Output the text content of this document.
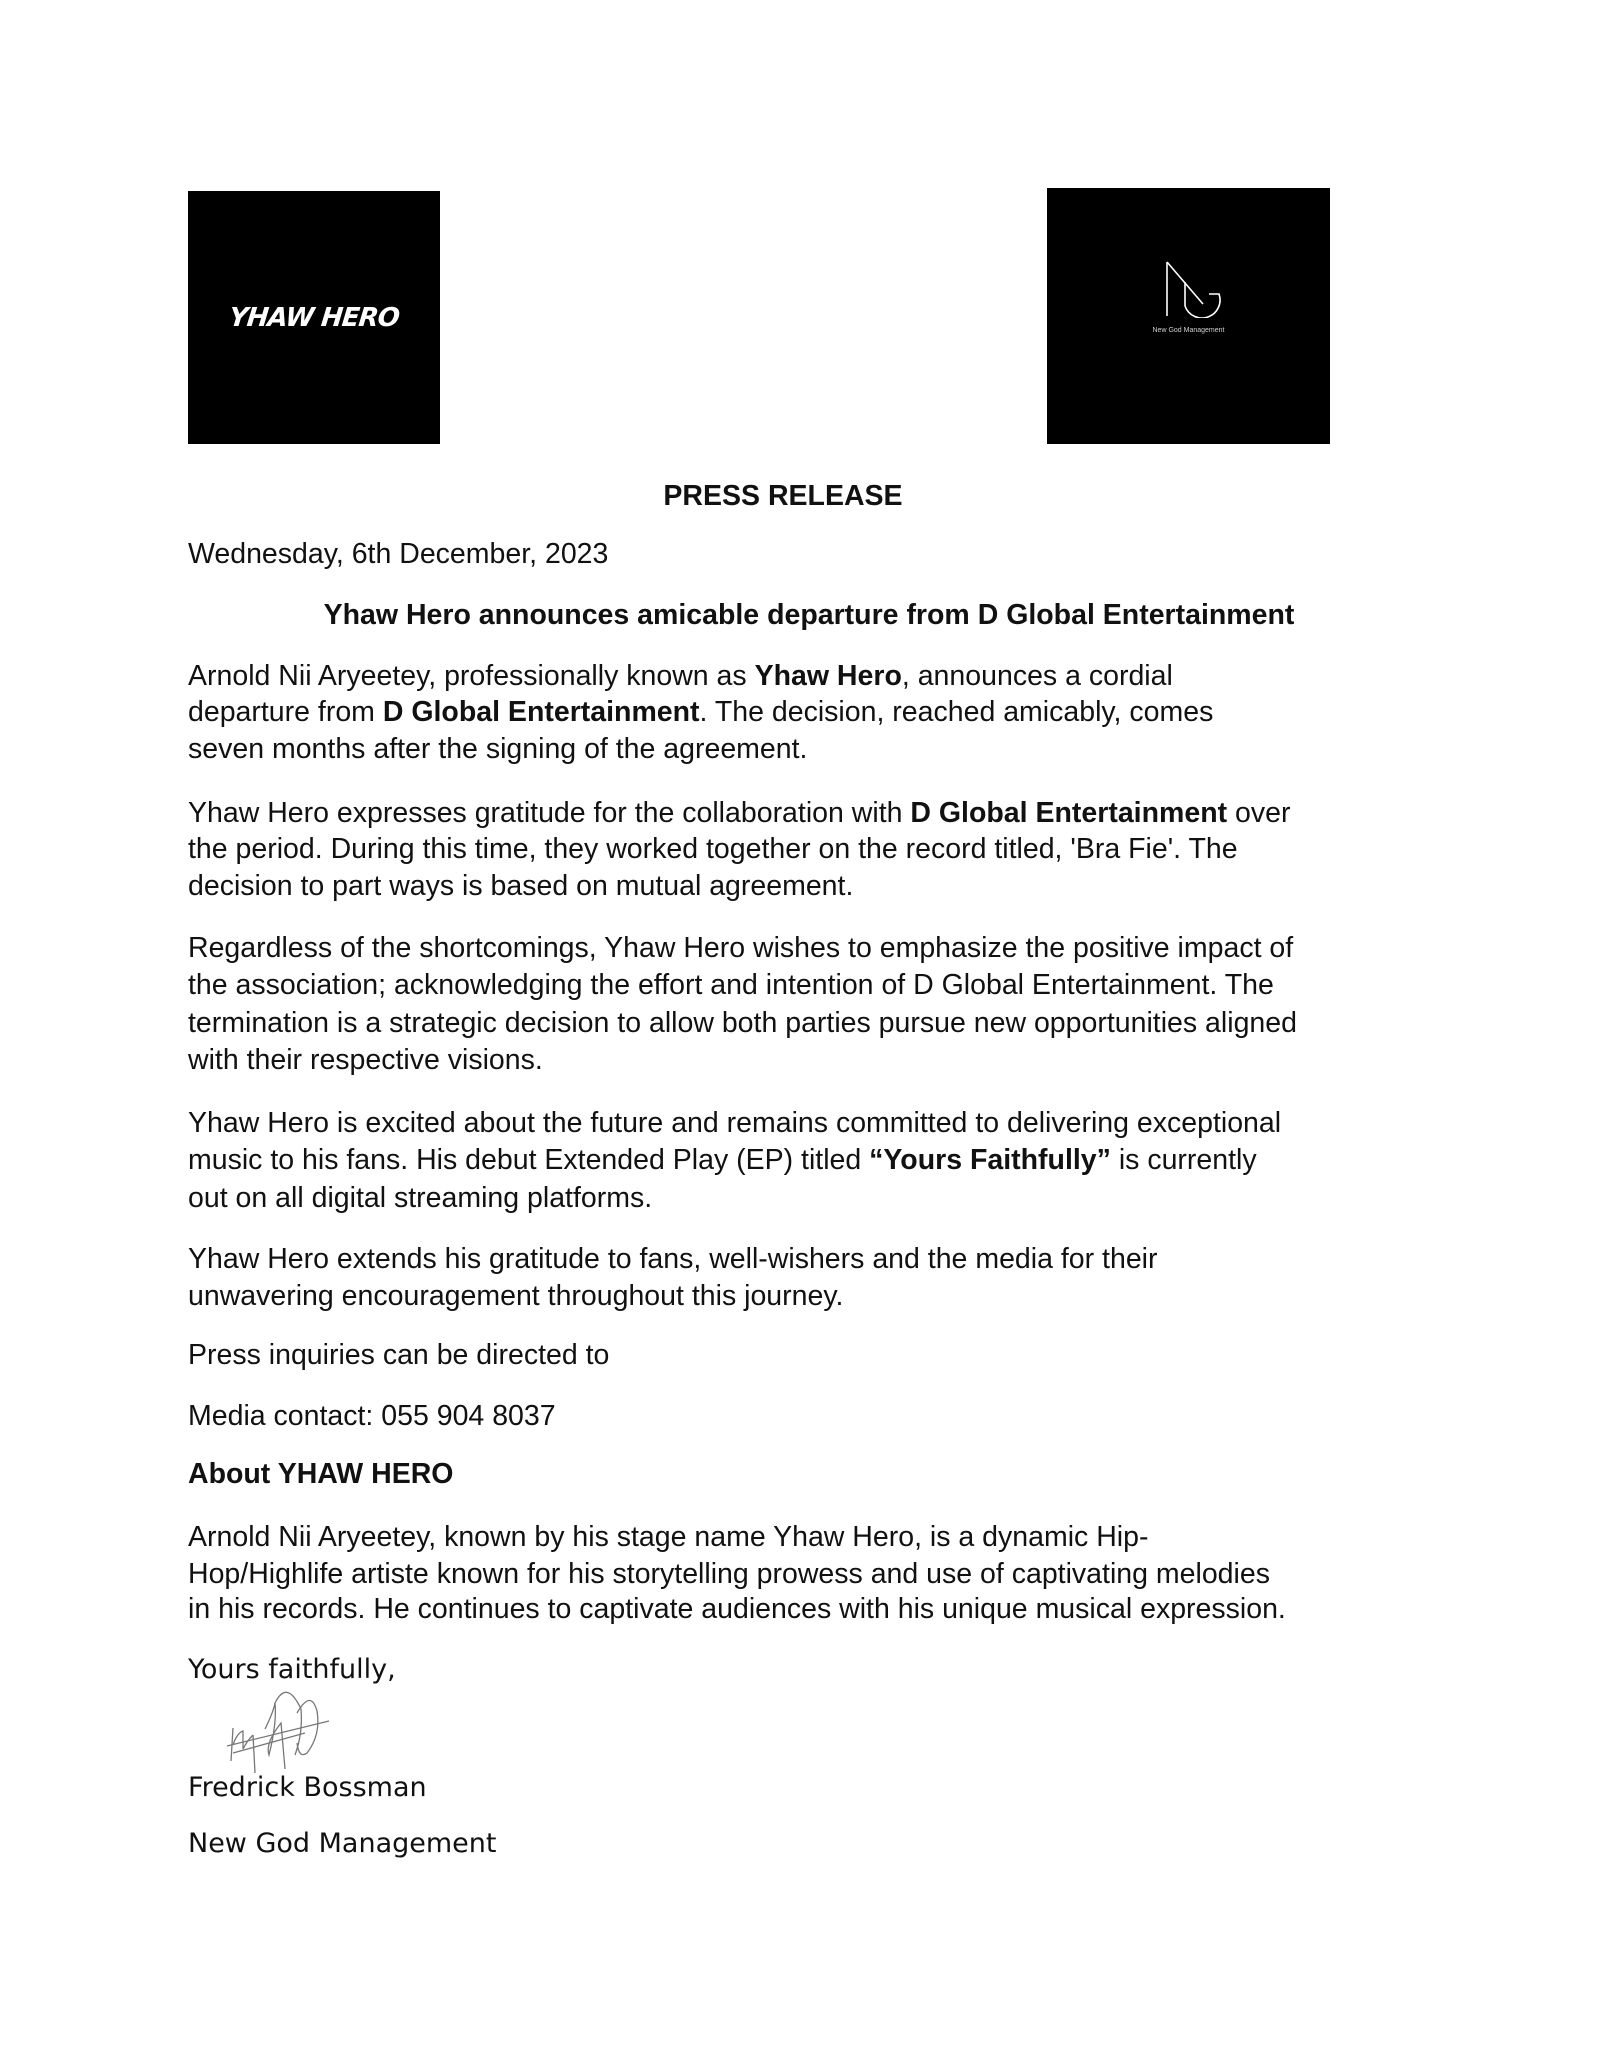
YHAW HERO	New God Management
PRESS RELEASE
Wednesday, 6th December, 2023
Yhaw Hero announces amicable departure from D Global Entertainment
Arnold Nii Aryeetey, professionally known as Yhaw Hero, announces a cordial
departure from D Global Entertainment. The decision, reached amicably, comes
seven months after the signing of the agreement.
Yhaw Hero expresses gratitude for the collaboration with D Global Entertainment over
the period. During this time, they worked together on the record titled, 'Bra Fie'. The
decision to part ways is based on mutual agreement.
Regardless of the shortcomings, Yhaw Hero wishes to emphasize the positive impact of
the association; acknowledging the effort and intention of D Global Entertainment. The
termination is a strategic decision to allow both parties pursue new opportunities aligned
with their respective visions.
Yhaw Hero is excited about the future and remains committed to delivering exceptional
music to his fans. His debut Extended Play (EP) titled “Yours Faithfully” is currently
out on all digital streaming platforms.
Yhaw Hero extends his gratitude to fans, well-wishers and the media for their
unwavering encouragement throughout this journey.
Press inquiries can be directed to
Media contact: 055 904 8037
About YHAW HERO
Arnold Nii Aryeetey, known by his stage name Yhaw Hero, is a dynamic Hip-
Hop/Highlife artiste known for his storytelling prowess and use of captivating melodies
in his records. He continues to captivate audiences with his unique musical expression.
Yours faithfully,
Fredrick Bossman
New God Management
